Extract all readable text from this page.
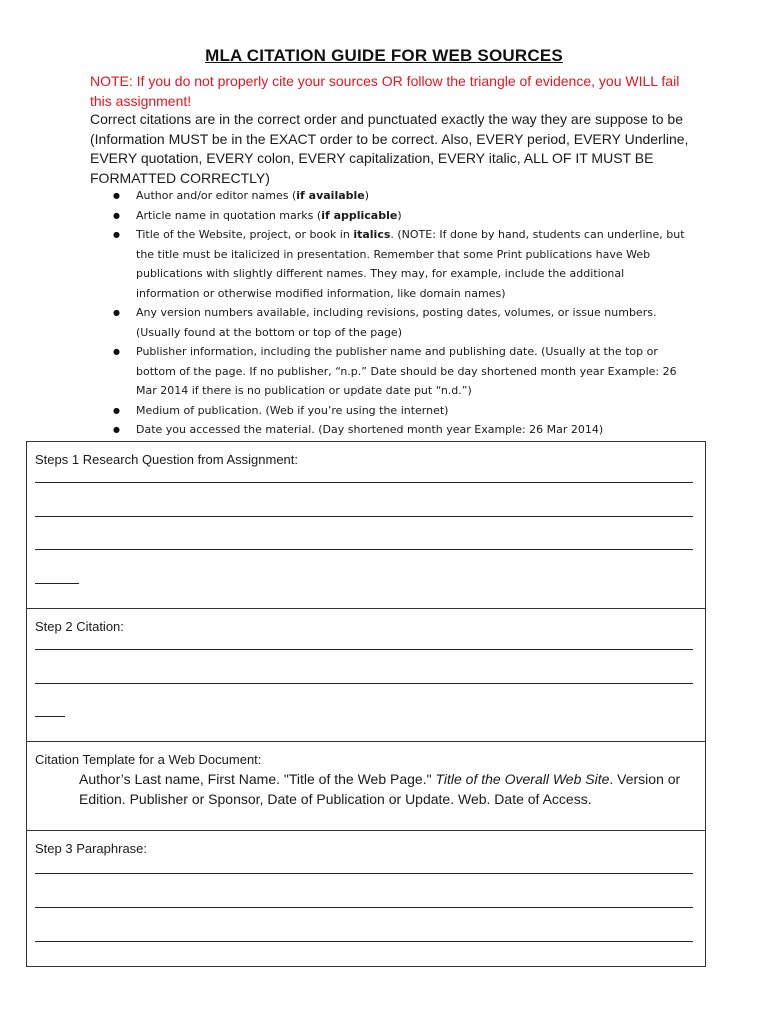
MLA CITATION GUIDE FOR WEB SOURCES
NOTE: If you do not properly cite your sources OR follow the triangle of evidence, you WILL fail this assignment!
Correct citations are in the correct order and punctuated exactly the way they are suppose to be (Information MUST be in the EXACT order to be correct. Also, EVERY period, EVERY Underline, EVERY quotation, EVERY colon, EVERY capitalization, EVERY italic, ALL OF IT MUST BE FORMATTED CORRECTLY)
● Author and/or editor names (if available)
● Article name in quotation marks (if applicable)
● Title of the Website, project, or book in italics. (NOTE: If done by hand, students can underline, but the title must be italicized in presentation. Remember that some Print publications have Web publications with slightly different names. They may, for example, include the additional information or otherwise modified information, like domain names)
● Any version numbers available, including revisions, posting dates, volumes, or issue numbers. (Usually found at the bottom or top of the page)
● Publisher information, including the publisher name and publishing date. (Usually at the top or bottom of the page. If no publisher, “n.p.” Date should be day shortened month year Example: 26 Mar 2014 if there is no publication or update date put “n.d.”)
● Medium of publication. (Web if you’re using the internet)
● Date you accessed the material. (Day shortened month year Example: 26 Mar 2014)
Steps 1 Research Question from Assignment:
Step 2 Citation:
Citation Template for a Web Document:
Author’s Last name, First Name. "Title of the Web Page." Title of the Overall Web Site. Version or
Edition. Publisher or Sponsor, Date of Publication or Update. Web. Date of Access.
Step 3 Paraphrase:
